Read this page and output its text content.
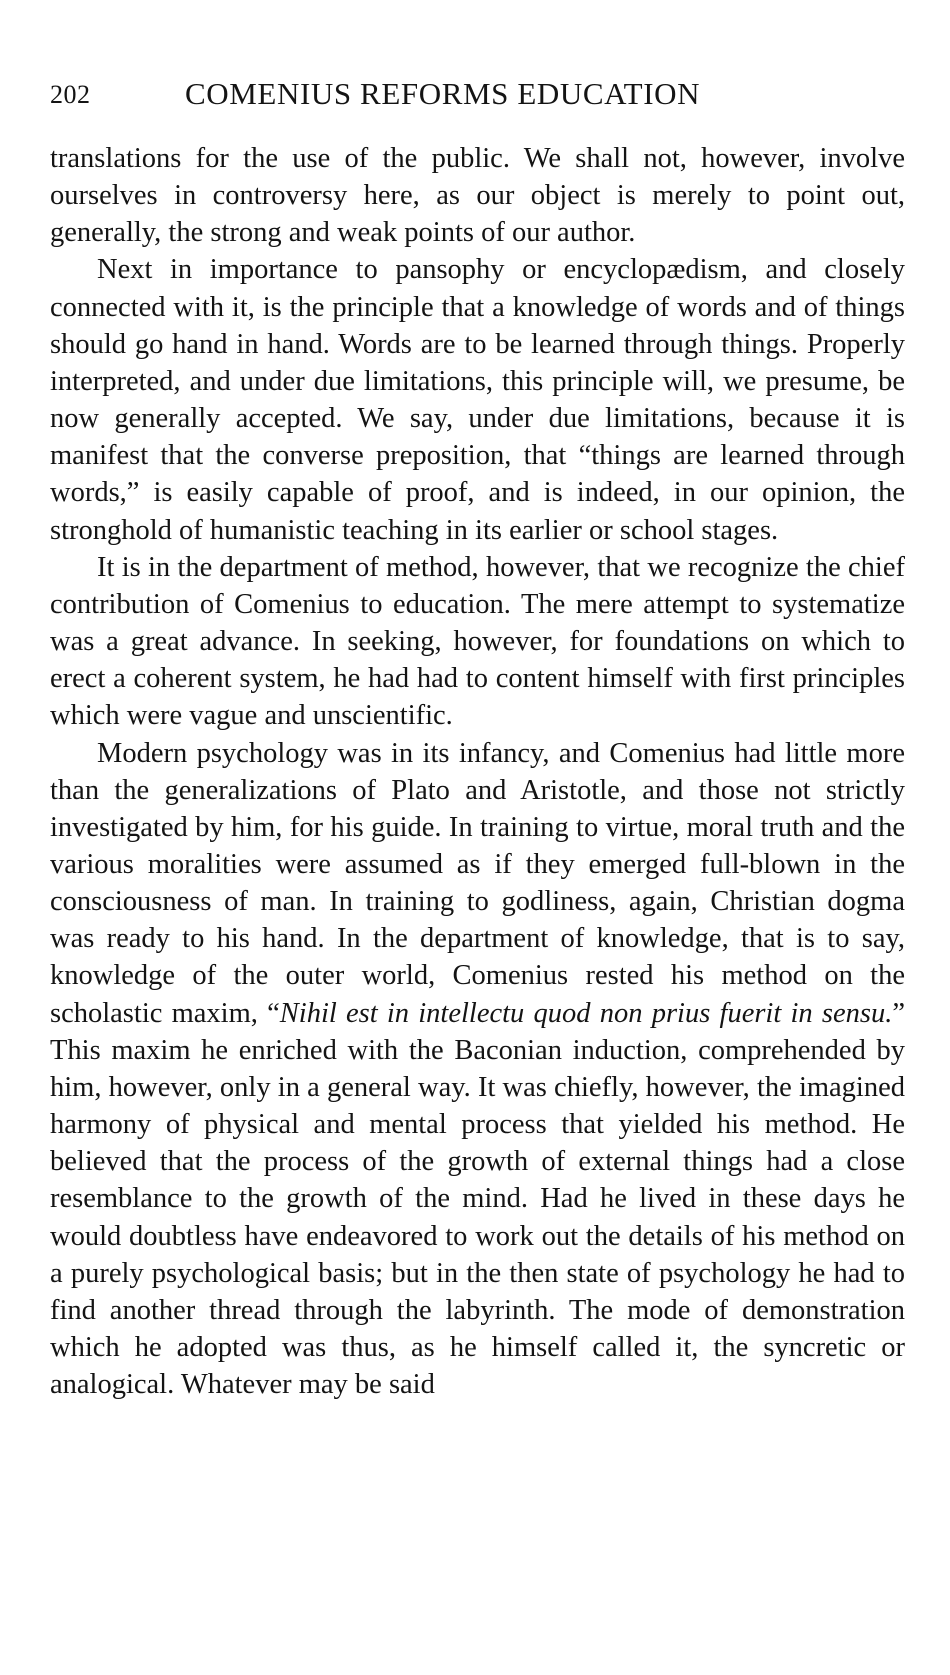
202	COMENIUS REFORMS EDUCATION

translations for the use of the public. We shall not, however, involve ourselves in controversy here, as our object is merely to point out, generally, the strong and weak points of our author.

Next in importance to pansophy or encyclopædism, and closely connected with it, is the principle that a knowledge of words and of things should go hand in hand. Words are to be learned through things. Properly interpreted, and under due limitations, this principle will, we presume, be now generally accepted. We say, under due limitations, because it is manifest that the converse preposition, that “things are learned through words,” is easily capable of proof, and is indeed, in our opinion, the stronghold of humanistic teaching in its earlier or school stages.

It is in the department of method, however, that we recognize the chief contribution of Comenius to education. The mere attempt to systematize was a great advance. In seeking, however, for foundations on which to erect a coherent system, he had had to content himself with first principles which were vague and unscientific.

Modern psychology was in its infancy, and Comenius had little more than the generalizations of Plato and Aristotle, and those not strictly investigated by him, for his guide. In training to virtue, moral truth and the various moralities were assumed as if they emerged full-blown in the consciousness of man. In training to godliness, again, Christian dogma was ready to his hand. In the department of knowledge, that is to say, knowledge of the outer world, Comenius rested his method on the scholastic maxim, “Nihil est in intellectu quod non prius fuerit in sensu.” This maxim he enriched with the Baconian induction, comprehended by him, however, only in a general way. It was chiefly, however, the imagined harmony of physical and mental process that yielded his method. He believed that the process of the growth of external things had a close resemblance to the growth of the mind. Had he lived in these days he would doubtless have endeavored to work out the details of his method on a purely psychological basis; but in the then state of psychology he had to find another thread through the labyrinth. The mode of demonstration which he adopted was thus, as he himself called it, the syncretic or analogical. Whatever may be said
